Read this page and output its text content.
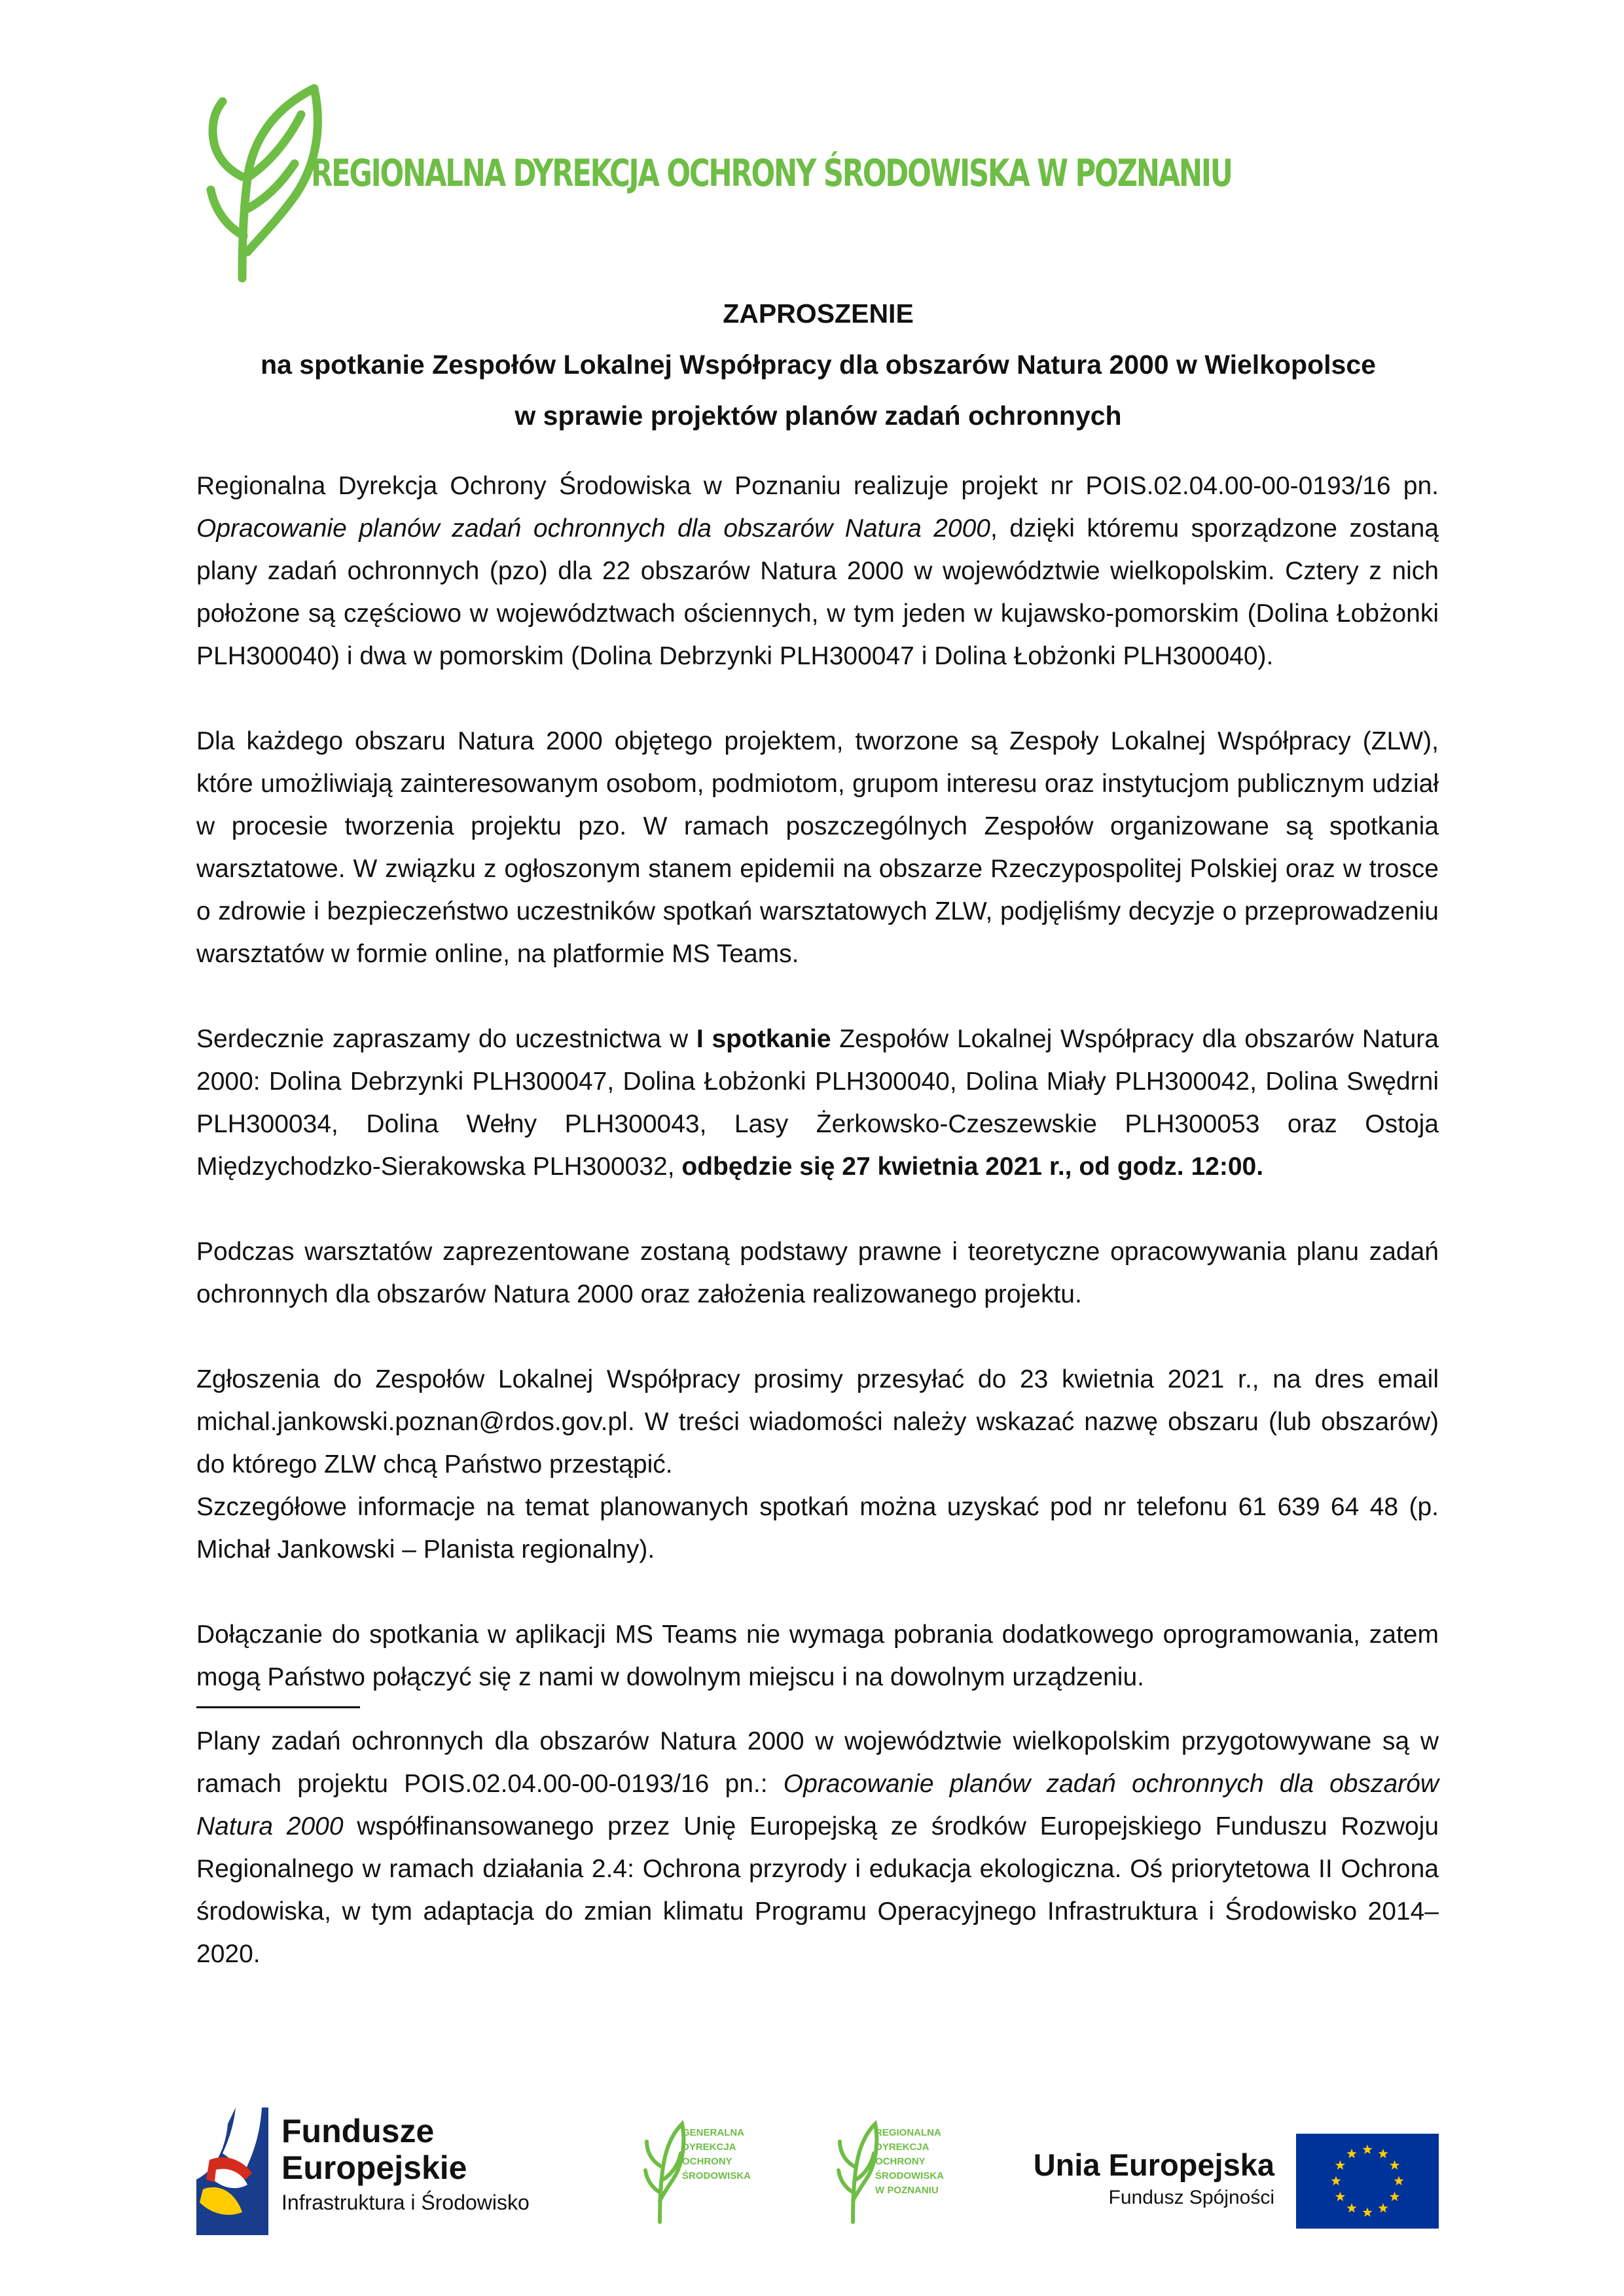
REGIONALNA DYREKCJA OCHRONY ŚRODOWISKA W POZNANIU

ZAPROSZENIE

na spotkanie Zespołów Lokalnej Współpracy dla obszarów Natura 2000 w Wielkopolsce

w sprawie projektów planów zadań ochronnych

Regionalna Dyrekcja Ochrony Środowiska w Poznaniu realizuje projekt nr POIS.02.04.00-00-0193/16 pn. Opracowanie planów zadań ochronnych dla obszarów Natura 2000, dzięki któremu sporządzone zostaną plany zadań ochronnych (pzo) dla 22 obszarów Natura 2000 w województwie wielkopolskim. Cztery z nich położone są częściowo w województwach ościennych, w tym jeden w kujawsko-pomorskim (Dolina Łobżonki PLH300040) i dwa w pomorskim (Dolina Debrzynki PLH300047 i Dolina Łobżonki PLH300040).

Dla każdego obszaru Natura 2000 objętego projektem, tworzone są Zespoły Lokalnej Współpracy (ZLW), które umożliwiają zainteresowanym osobom, podmiotom, grupom interesu oraz instytucjom publicznym udział w procesie tworzenia projektu pzo. W ramach poszczególnych Zespołów organizowane są spotkania warsztatowe. W związku z ogłoszonym stanem epidemii na obszarze Rzeczypospolitej Polskiej oraz w trosce o zdrowie i bezpieczeństwo uczestników spotkań warsztatowych ZLW, podjęliśmy decyzje o przeprowadzeniu warsztatów w formie online, na platformie MS Teams.

Serdecznie zapraszamy do uczestnictwa w I spotkanie Zespołów Lokalnej Współpracy dla obszarów Natura 2000: Dolina Debrzynki PLH300047, Dolina Łobżonki PLH300040, Dolina Miały PLH300042, Dolina Swędrni PLH300034, Dolina Wełny PLH300043, Lasy Żerkowsko-Czeszewskie PLH300053 oraz Ostoja Międzychodzko-Sierakowska PLH300032, odbędzie się 27 kwietnia 2021 r., od godz. 12:00.

Podczas warsztatów zaprezentowane zostaną podstawy prawne i teoretyczne opracowywania planu zadań ochronnych dla obszarów Natura 2000 oraz założenia realizowanego projektu.

Zgłoszenia do Zespołów Lokalnej Współpracy prosimy przesyłać do 23 kwietnia 2021 r., na dres email michal.jankowski.poznan@rdos.gov.pl. W treści wiadomości należy wskazać nazwę obszaru (lub obszarów) do którego ZLW chcą Państwo przestąpić.

Szczegółowe informacje na temat planowanych spotkań można uzyskać pod nr telefonu 61 639 64 48 (p. Michał Jankowski – Planista regionalny).

Dołączanie do spotkania w aplikacji MS Teams nie wymaga pobrania dodatkowego oprogramowania, zatem mogą Państwo połączyć się z nami w dowolnym miejscu i na dowolnym urządzeniu.

Plany zadań ochronnych dla obszarów Natura 2000 w województwie wielkopolskim przygotowywane są w ramach projektu POIS.02.04.00-00-0193/16 pn.: Opracowanie planów zadań ochronnych dla obszarów Natura 2000 współfinansowanego przez Unię Europejską ze środków Europejskiego Funduszu Rozwoju Regionalnego w ramach działania 2.4: Ochrona przyrody i edukacja ekologiczna. Oś priorytetowa II Ochrona środowiska, w tym adaptacja do zmian klimatu Programu Operacyjnego Infrastruktura i Środowisko 2014–2020.

Fundusze
Europejskie
Infrastruktura i Środowisko
GENERALNA
DYREKCJA
OCHRONY
ŚRODOWISKA
REGIONALNA
DYREKCJA
OCHRONY
ŚRODOWISKA
W POZNANIU
Unia Europejska
Fundusz Spójności
